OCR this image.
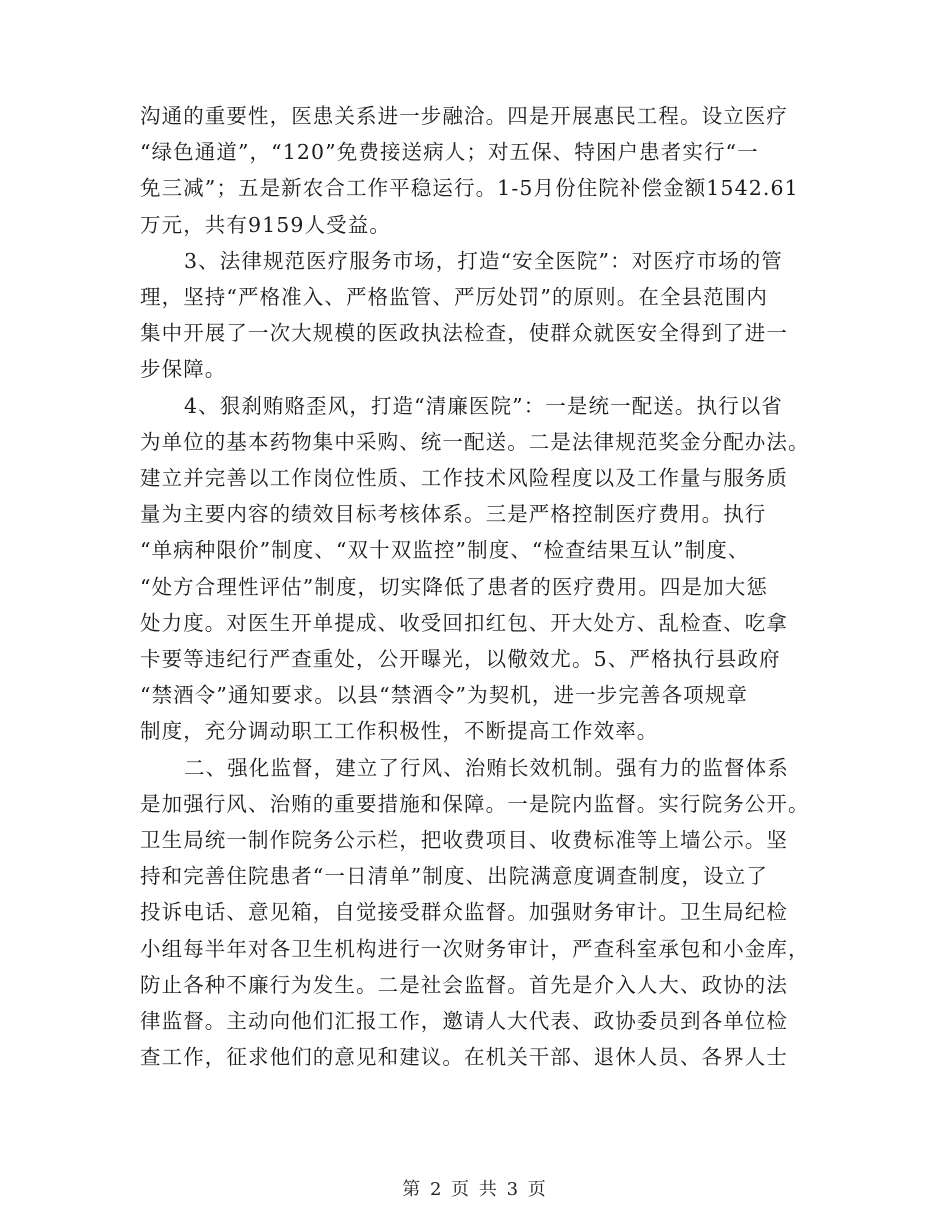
沟通的重要性，医患关系进一步融洽。四是开展惠民工程。设立医疗
“绿色通道”，“120”免费接送病人；对五保、特困户患者实行“一
免三减”；五是新农合工作平稳运行。1-5月份住院补偿金额1542.61
万元，共有9159人受益。

3、法律规范医疗服务市场，打造“安全医院”：对医疗市场的管
理，坚持“严格准入、严格监管、严厉处罚”的原则。在全县范围内
集中开展了一次大规模的医政执法检查，使群众就医安全得到了进一
步保障。

4、狠刹贿赂歪风，打造“清廉医院”：一是统一配送。执行以省
为单位的基本药物集中采购、统一配送。二是法律规范奖金分配办法。
建立并完善以工作岗位性质、工作技术风险程度以及工作量与服务质
量为主要内容的绩效目标考核体系。三是严格控制医疗费用。执行
“单病种限价”制度、“双十双监控”制度、“检查结果互认”制度、
“处方合理性评估”制度，切实降低了患者的医疗费用。四是加大惩
处力度。对医生开单提成、收受回扣红包、开大处方、乱检查、吃拿
卡要等违纪行严查重处，公开曝光，以儆效尤。5、严格执行县政府
“禁酒令”通知要求。以县“禁酒令”为契机，进一步完善各项规章
制度，充分调动职工工作积极性，不断提高工作效率。

二、强化监督，建立了行风、治贿长效机制。强有力的监督体系
是加强行风、治贿的重要措施和保障。一是院内监督。实行院务公开。
卫生局统一制作院务公示栏，把收费项目、收费标准等上墙公示。坚
持和完善住院患者“一日清单”制度、出院满意度调查制度，设立了
投诉电话、意见箱，自觉接受群众监督。加强财务审计。卫生局纪检
小组每半年对各卫生机构进行一次财务审计，严查科室承包和小金库，
防止各种不廉行为发生。二是社会监督。首先是介入人大、政协的法
律监督。主动向他们汇报工作，邀请人大代表、政协委员到各单位检
查工作，征求他们的意见和建议。在机关干部、退休人员、各界人士

第 2 页 共 3 页
